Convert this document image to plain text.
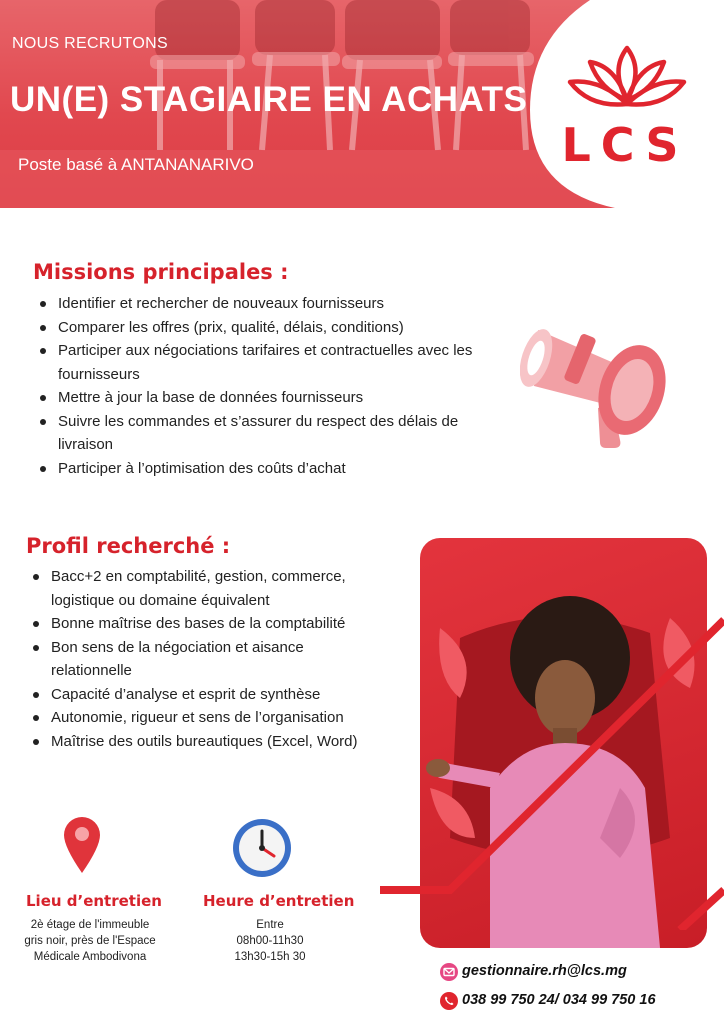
NOUS RECRUTONS
UN(E) STAGIAIRE EN ACHATS
Poste basé à ANTANANARIVO	LCS
Missions principales :
Identifier et rechercher de nouveaux fournisseurs
Comparer les offres (prix, qualité, délais, conditions)
Participer aux négociations tarifaires et contractuelles avec les fournisseurs
Mettre à jour la base de données fournisseurs
Suivre les commandes et s’assurer du respect des délais de livraison
Participer à l’optimisation des coûts d’achat
Profil recherché :
Bacc+2 en comptabilité, gestion, commerce, logistique ou domaine équivalent
Bonne maîtrise des bases de la comptabilité
Bon sens de la négociation et aisance relationnelle
Capacité d’analyse et esprit de synthèse
Autonomie, rigueur et sens de l’organisation
Maîtrise des outils bureautiques (Excel, Word)
Lieu d’entretien
2è étage de l'immeuble
gris noir, près de l'Espace
Médicale Ambodivona
Heure d’entretien
Entre
08h00-11h30
13h30-15h 30
gestionnaire.rh@lcs.mg
038 99 750 24/ 034 99 750 16
